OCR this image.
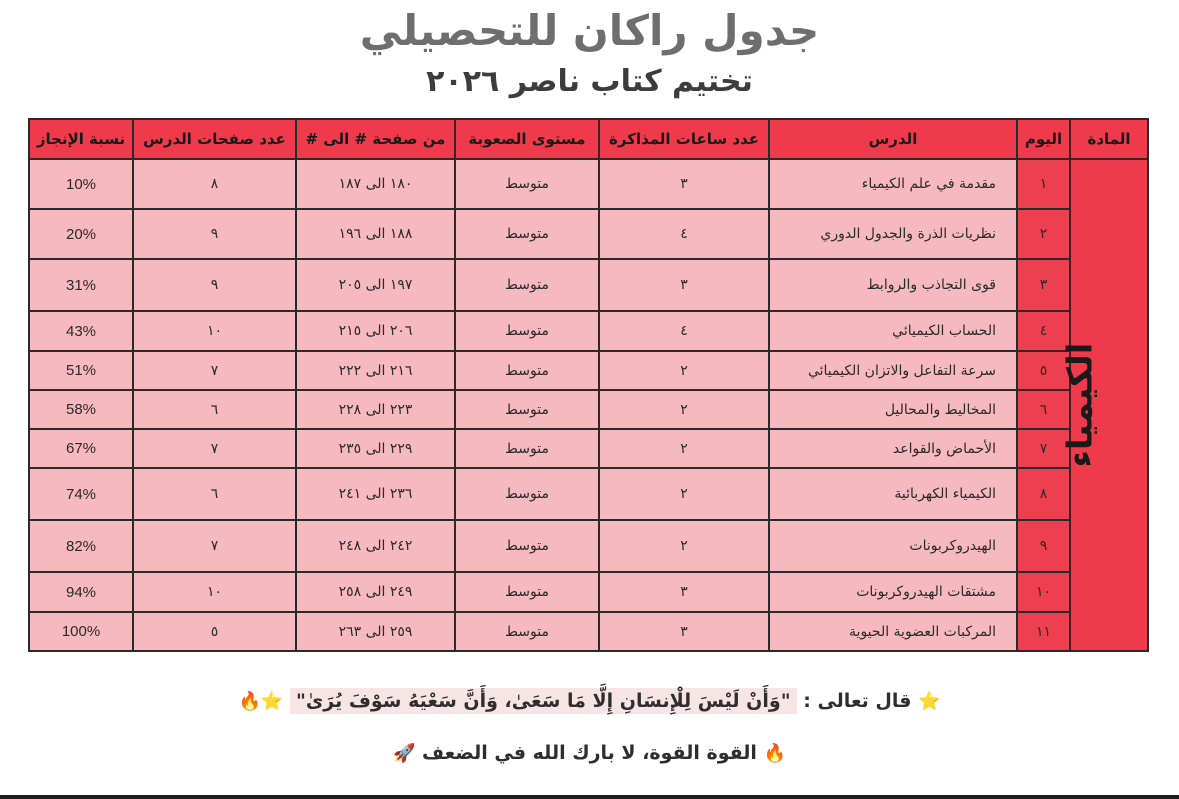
جدول راكان للتحصيلي
تختيم كتاب ناصر ٢٠٢٦
المادة	اليوم	الدرس	عدد ساعات المذاكرة	مستوى الصعوبة	من صفحة # الى #	عدد صفحات الدرس	نسبة الإنجاز
الكيمياء	١	مقدمة في علم الكيمياء	٣	متوسط	١٨٠ الى ١٨٧	٨	10%
	٢	نظريات الذرة والجدول الدوري	٤	متوسط	١٨٨ الى ١٩٦	٩	20%
	٣	قوى التجاذب والروابط	٣	متوسط	١٩٧ الى ٢٠٥	٩	31%
	٤	الحساب الكيميائي	٤	متوسط	٢٠٦ الى ٢١٥	١٠	43%
	٥	سرعة التفاعل والاتزان الكيميائي	٢	متوسط	٢١٦ الى ٢٢٢	٧	51%
	٦	المخاليط والمحاليل	٢	متوسط	٢٢٣ الى ٢٢٨	٦	58%
	٧	الأحماض والقواعد	٢	متوسط	٢٢٩ الى ٢٣٥	٧	67%
	٨	الكيمياء الكهربائية	٢	متوسط	٢٣٦ الى ٢٤١	٦	74%
	٩	الهيدروكربونات	٢	متوسط	٢٤٢ الى ٢٤٨	٧	82%
	١٠	مشتقات الهيدروكربونات	٣	متوسط	٢٤٩ الى ٢٥٨	١٠	94%
	١١	المركبات العضوية الحيوية	٣	متوسط	٢٥٩ الى ٢٦٣	٥	100%
⭐ قال تعالى : "وَأَنْ لَيْسَ لِلْإِنسَانِ إِلَّا مَا سَعَىٰ، وَأَنَّ سَعْيَهُ سَوْفَ يُرَىٰ" ⭐🔥
🔥 القوة القوة، لا بارك الله في الضعف 🚀
